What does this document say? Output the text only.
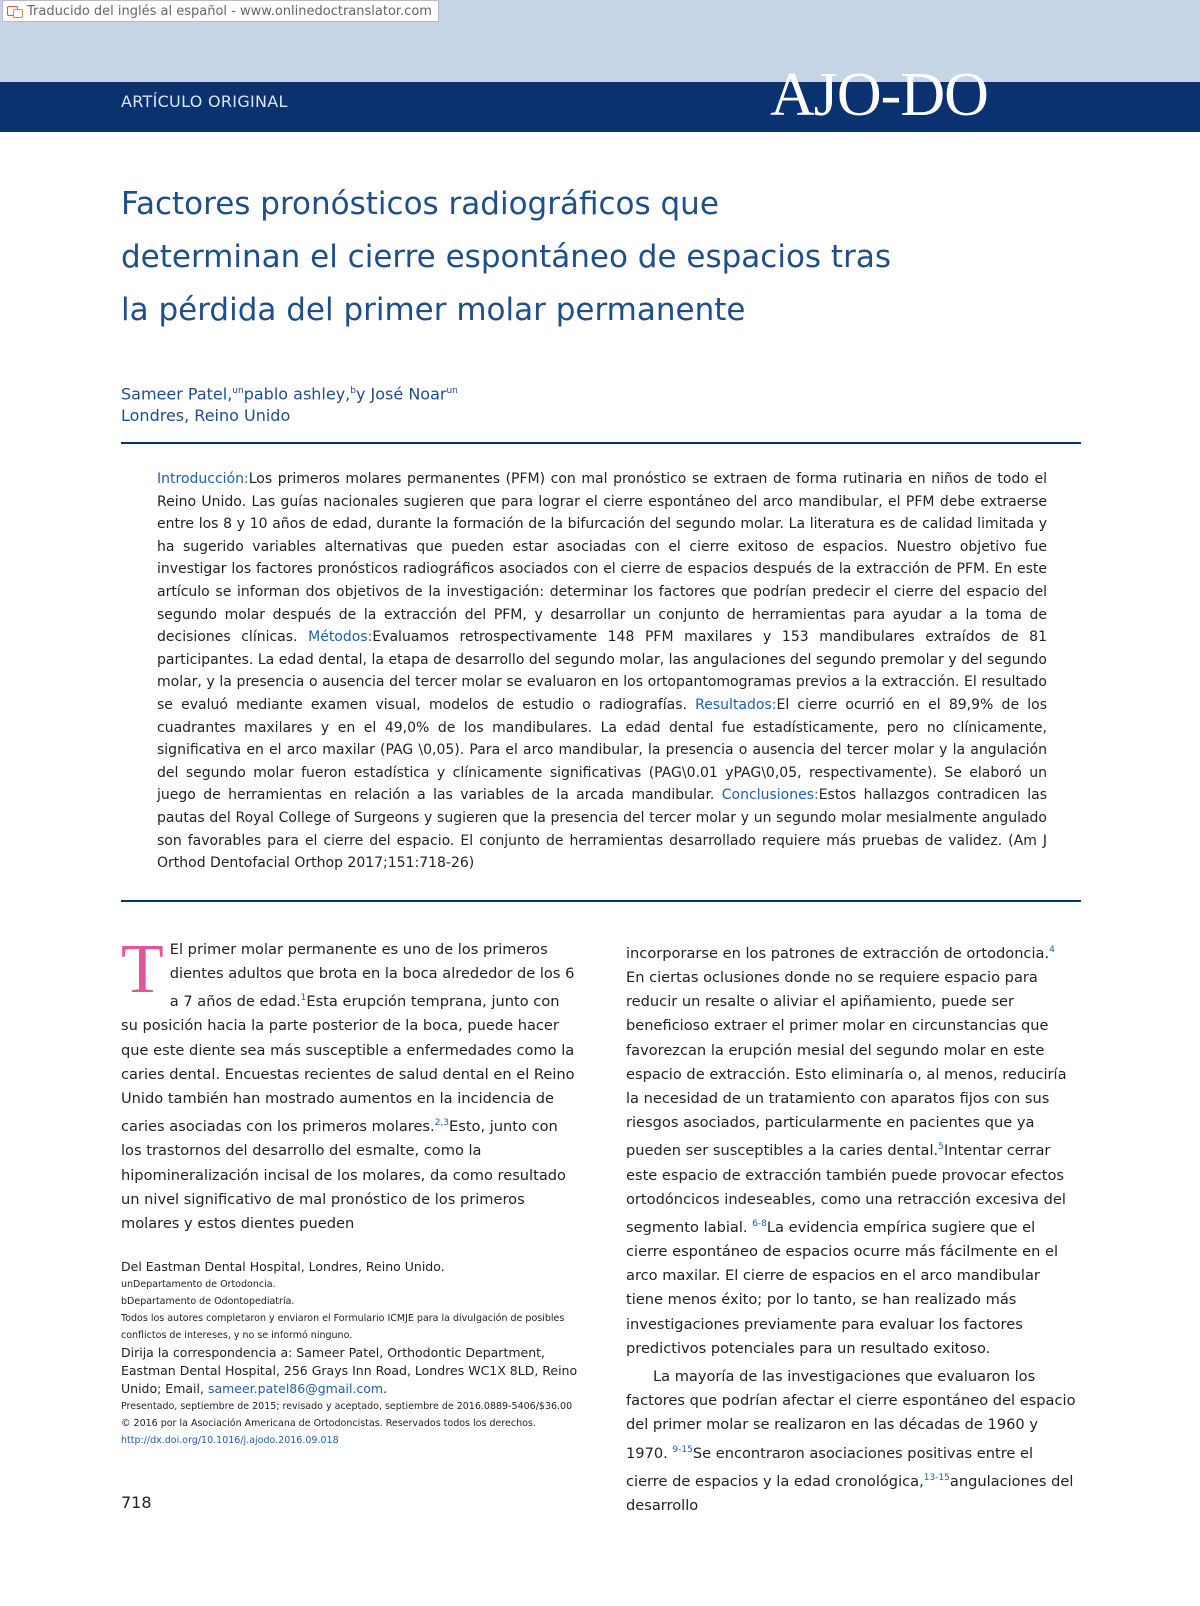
Traducido del inglés al español - www.onlinedoctranslator.com
ARTÍCULO ORIGINAL	AJO-DO
Factores pronósticos radiográficos que
determinan el cierre espontáneo de espacios tras
la pérdida del primer molar permanente
Sameer Patel,$^{un}$pablo ashley,$^b$y José Noar$^{un}$
Londres, Reino Unido
Introducción:Los primeros molares permanentes (PFM) con mal pronóstico se extraen de forma rutinaria en niños de todo el Reino Unido. Las guías nacionales sugieren que para lograr el cierre espontáneo del arco mandibular, el PFM debe extraerse entre los 8 y 10 años de edad, durante la formación de la bifurcación del segundo molar. La literatura es de calidad limitada y ha sugerido variables alternativas que pueden estar asociadas con el cierre exitoso de espacios. Nuestro objetivo fue investigar los factores pronósticos radiográficos asociados con el cierre de espacios después de la extracción de PFM. En este artículo se informan dos objetivos de la investigación: determinar los factores que podrían predecir el cierre del espacio del segundo molar después de la extracción del PFM, y desarrollar un conjunto de herramientas para ayudar a la toma de decisiones clínicas. Métodos:Evaluamos retrospectivamente 148 PFM maxilares y 153 mandibulares extraídos de 81 participantes. La edad dental, la etapa de desarrollo del segundo molar, las angulaciones del segundo premolar y del segundo molar, y la presencia o ausencia del tercer molar se evaluaron en los ortopantomogramas previos a la extracción. El resultado se evaluó mediante examen visual, modelos de estudio o radiografías. Resultados:El cierre ocurrió en el 89,9% de los cuadrantes maxilares y en el 49,0% de los mandibulares. La edad dental fue estadísticamente, pero no clínicamente, significativa en el arco maxilar (PAG \0,05). Para el arco mandibular, la presencia o ausencia del tercer molar y la angulación del segundo molar fueron estadística y clínicamente significativas (PAG\0.01 yPAG\0,05, respectivamente). Se elaboró un juego de herramientas en relación a las variables de la arcada mandibular. Conclusiones:Estos hallazgos contradicen las pautas del Royal College of Surgeons y sugieren que la presencia del tercer molar y un segundo molar mesialmente angulado son favorables para el cierre del espacio. El conjunto de herramientas desarrollado requiere más pruebas de validez. (Am J Orthod Dentofacial Orthop 2017;151:718-26)

T El primer molar permanente es uno de los primeros dientes adultos que brota en la boca alrededor de los 6 a 7 años de edad.$^1$Esta erupción temprana, junto con su posición hacia la parte posterior de la boca, puede hacer que este diente sea más susceptible a enfermedades como la caries dental. Encuestas recientes de salud dental en el Reino Unido también han mostrado aumentos en la incidencia de caries asociadas con los primeros molares.$^{2,3}$Esto, junto con los trastornos del desarrollo del esmalte, como la hipomineralización incisal de los molares, da como resultado un nivel significativo de mal pronóstico de los primeros molares y estos dientes pueden

incorporarse en los patrones de extracción de ortodoncia.$^4$ En ciertas oclusiones donde no se requiere espacio para reducir un resalte o aliviar el apiñamiento, puede ser beneficioso extraer el primer molar en circunstancias que favorezcan la erupción mesial del segundo molar en este espacio de extracción. Esto eliminaría o, al menos, reduciría la necesidad de un tratamiento con aparatos fijos con sus riesgos asociados, particularmente en pacientes que ya pueden ser susceptibles a la caries dental.$^5$Intentar cerrar este espacio de extracción también puede provocar efectos ortodóncicos indeseables, como una retracción excesiva del segmento labial. $^{6-8}$La evidencia empírica sugiere que el cierre espontáneo de espacios ocurre más fácilmente en el arco maxilar. El cierre de espacios en el arco mandibular tiene menos éxito; por lo tanto, se han realizado más investigaciones previamente para evaluar los factores predictivos potenciales para un resultado exitoso.

La mayoría de las investigaciones que evaluaron los factores que podrían afectar el cierre espontáneo del espacio del primer molar se realizaron en las décadas de 1960 y 1970. $^{9-15}$Se encontraron asociaciones positivas entre el cierre de espacios y la edad cronológica,$^{13-15}$angulaciones del desarrollo

Del Eastman Dental Hospital, Londres, Reino Unido.
unDepartamento de Ortodoncia.
bDepartamento de Odontopediatría.
Todos los autores completaron y enviaron el Formulario ICMJE para la divulgación de posibles conflictos de intereses, y no se informó ninguno.
Dirija la correspondencia a: Sameer Patel, Orthodontic Department, Eastman Dental Hospital, 256 Grays Inn Road, Londres WC1X 8LD, Reino Unido; Email, sameer.patel86@gmail.com.
Presentado, septiembre de 2015; revisado y aceptado, septiembre de 2016.0889-5406/$36.00
© 2016 por la Asociación Americana de Ortodoncistas. Reservados todos los derechos.
http://dx.doi.org/10.1016/j.ajodo.2016.09.018
718
